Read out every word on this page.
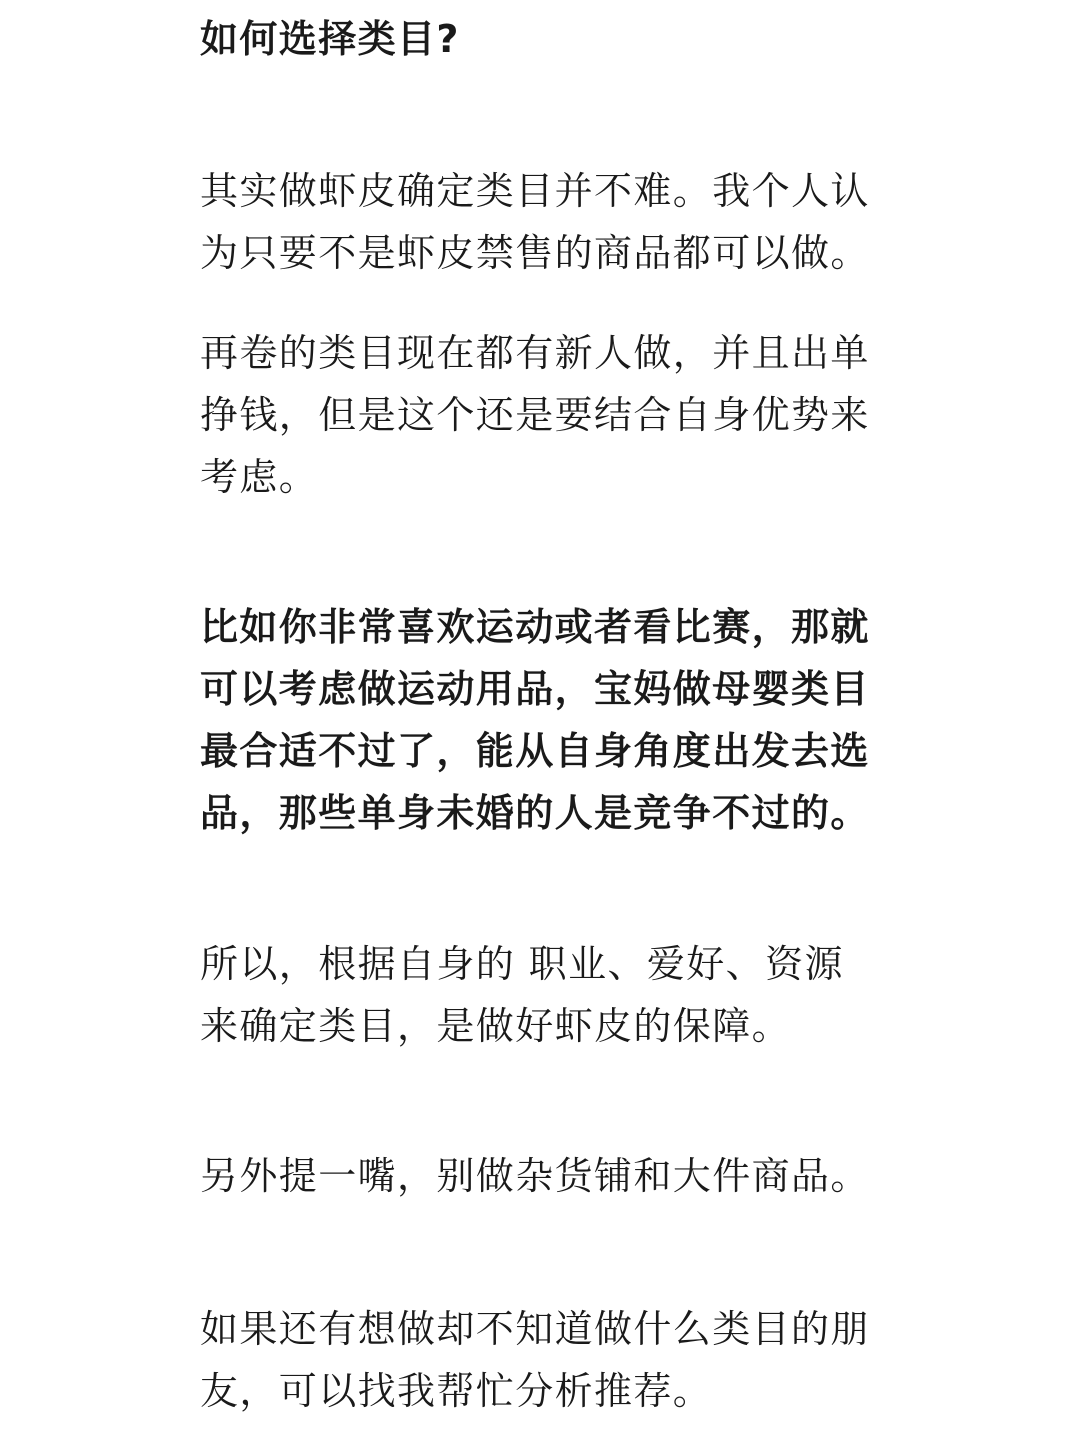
如何选择类目?

其实做虾皮确定类目并不难。我个人认为只要不是虾皮禁售的商品都可以做。

再卷的类目现在都有新人做，并且出单挣钱，但是这个还是要结合自身优势来考虑。

比如你非常喜欢运动或者看比赛，那就可以考虑做运动用品，宝妈做母婴类目最合适不过了，能从自身角度出发去选品，那些单身未婚的人是竞争不过的。

所以，根据自身的 职业、爱好、资源 来确定类目，是做好虾皮的保障。

另外提一嘴，别做杂货铺和大件商品。

如果还有想做却不知道做什么类目的朋友，可以找我帮忙分析推荐。
